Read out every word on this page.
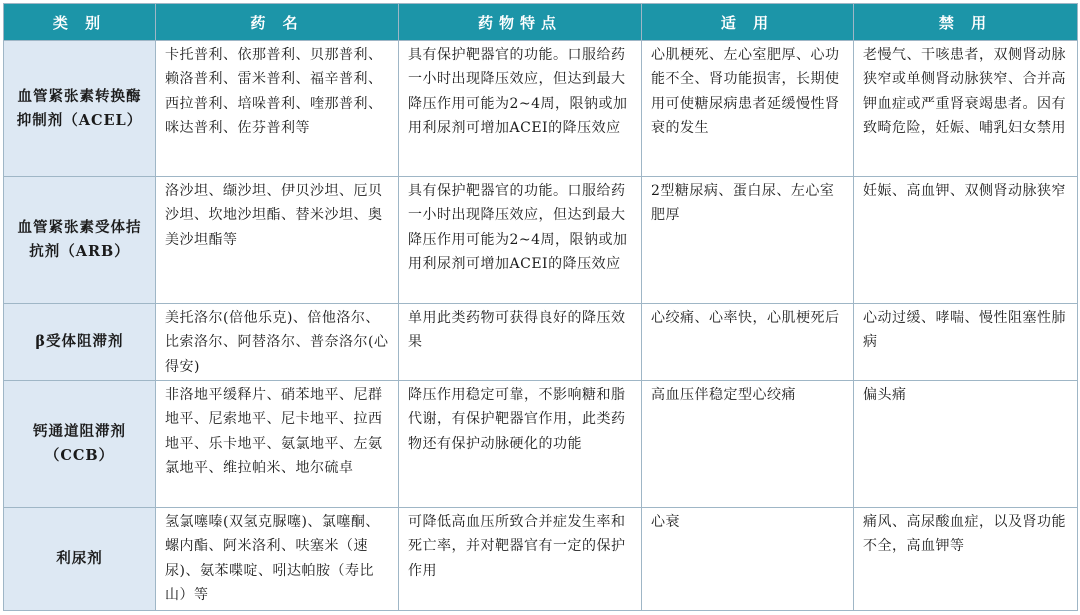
类 别	药 名	药物特点	适 用	禁 用
血管紧张素转换酶抑制剂（ACEL）	卡托普利、依那普利、贝那普利、赖洛普利、雷米普利、福辛普利、西拉普利、培哚普利、喹那普利、咪达普利、佐芬普利等	具有保护靶器官的功能。口服给药一小时出现降压效应，但达到最大降压作用可能为2~4周，限钠或加用利尿剂可增加ACEI的降压效应	心肌梗死、左心室肥厚、心功能不全、肾功能损害，长期使用可使糖尿病患者延缓慢性肾衰的发生	老慢气、干咳患者，双侧肾动脉狭窄或单侧肾动脉狭窄、合并高钾血症或严重肾衰竭患者。因有致畸危险，妊娠、哺乳妇女禁用
血管紧张素受体拮抗剂（ARB）	洛沙坦、缬沙坦、伊贝沙坦、厄贝沙坦、坎地沙坦酯、替米沙坦、奥美沙坦酯等	具有保护靶器官的功能。口服给药一小时出现降压效应，但达到最大降压作用可能为2~4周，限钠或加用利尿剂可增加ACEI的降压效应	2型糖尿病、蛋白尿、左心室肥厚	妊娠、高血钾、双侧肾动脉狭窄
β受体阻滞剂	美托洛尔(倍他乐克)、倍他洛尔、比索洛尔、阿替洛尔、普奈洛尔(心得安)	单用此类药物可获得良好的降压效果	心绞痛、心率快，心肌梗死后	心动过缓、哮喘、慢性阻塞性肺病
钙通道阻滞剂（CCB）	非洛地平缓释片、硝苯地平、尼群地平、尼索地平、尼卡地平、拉西地平、乐卡地平、氨氯地平、左氨氯地平、维拉帕米、地尔硫卓	降压作用稳定可靠，不影响糖和脂代谢，有保护靶器官作用，此类药物还有保护动脉硬化的功能	高血压伴稳定型心绞痛	偏头痛
利尿剂	氢氯噻嗪(双氢克脲噻)、氯噻酮、螺内酯、阿米洛利、呋塞米（速尿)、氨苯喋啶、吲达帕胺（寿比山）等	可降低高血压所致合并症发生率和死亡率，并对靶器官有一定的保护作用	心衰	痛风、高尿酸血症，以及肾功能不全，高血钾等
